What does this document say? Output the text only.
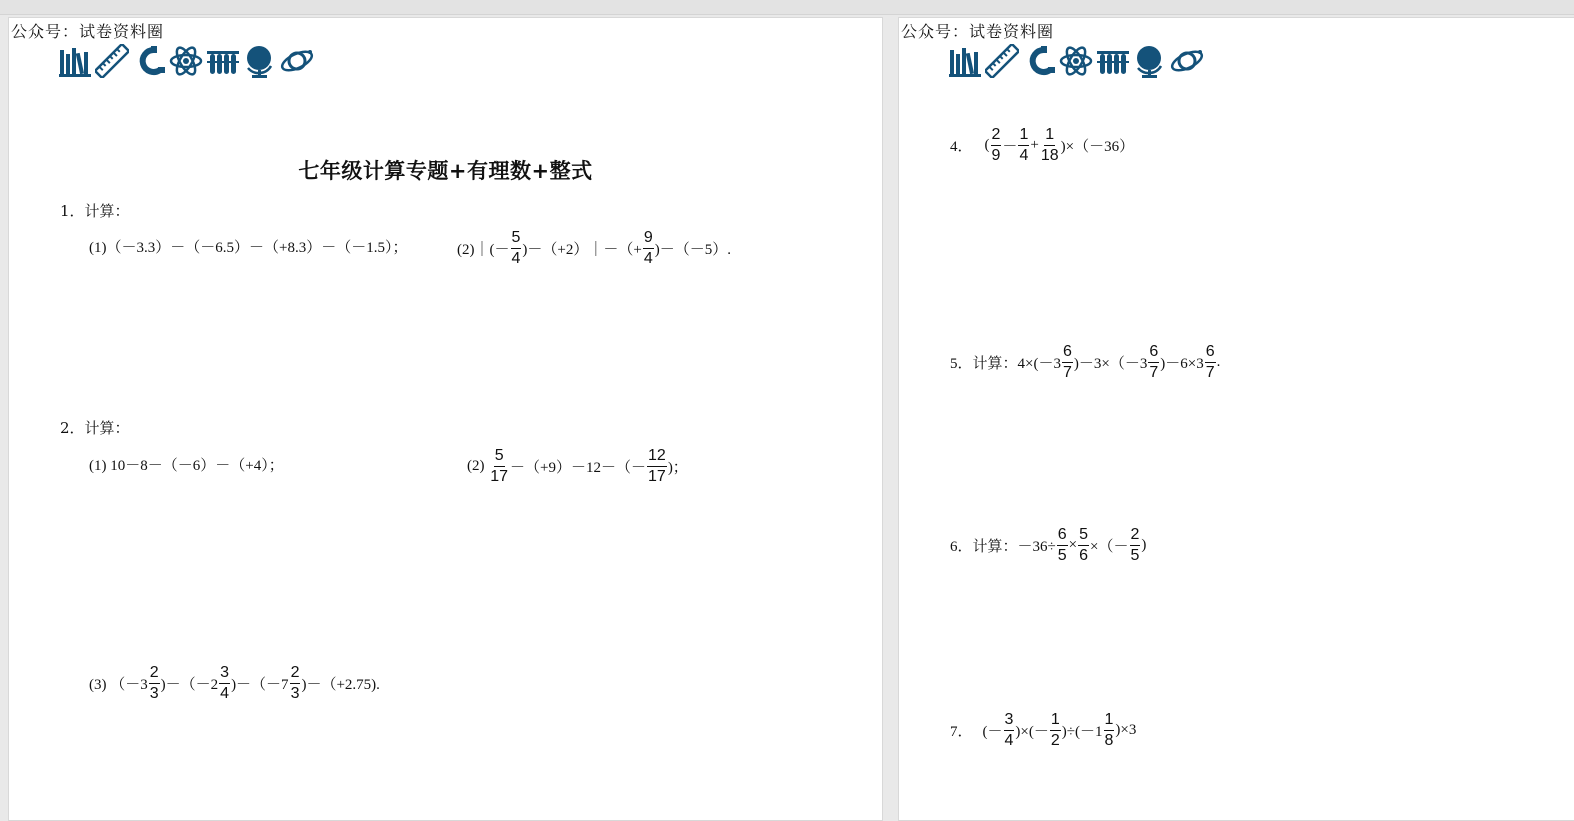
公众号：试卷资料圈
七年级计算专题+有理数+整式
1．计算：
(1)（－3.3）－（－6.5）－（+8.3）－（－1.5）；	(2)｜(－ $\frac{5}{4}$ )－（+2）｜－（+ $\frac{9}{4} )-(-5)$.
2．计算：
(1) 10－8－（－6）－（+4）；	$(2) \frac{5}{17} -(+9)-12-(- \frac{12}{17}$ )；
(3) $(-3 \frac{2}{3} )-(-2 \frac{3}{4} )-(-7 \frac{2}{3} )-(+2.75)$.
公众号：试卷资料圈
4． ( $\frac{2}{9} - \frac{1}{4} + \frac{1}{18} )\times(-36)$
5．计算： $4\times(-3 \frac{6}{7} )-3\times(-3 \frac{6}{7} )-6\times 3 \frac{6}{7}$ .
6．计算： $-36\div \frac{6}{5} \times \frac{5}{6}$ ×（－ $\frac{2}{5}$ )
7． (－ $\frac{3}{4}$ )×(－ $\frac{1}{2} )\div(-1 \frac{1}{8} )\times 3$
